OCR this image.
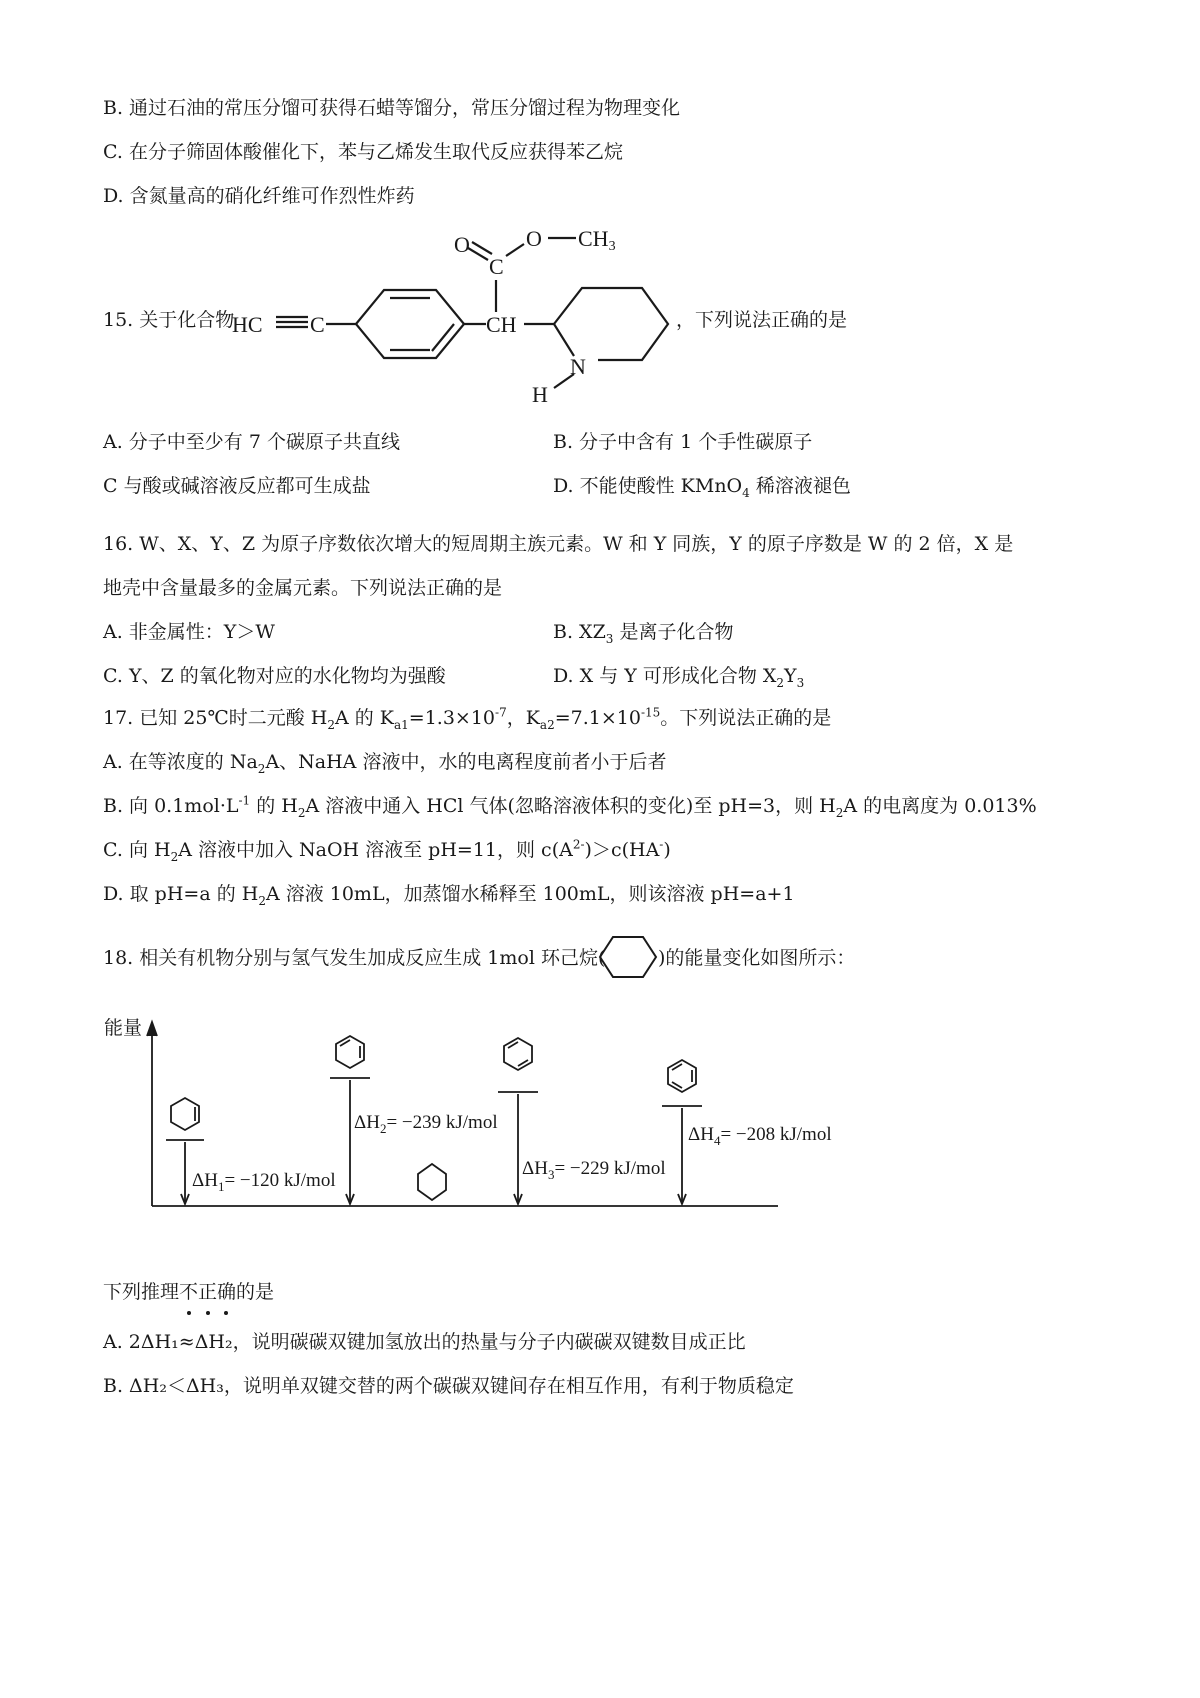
B. 通过石油的常压分馏可获得石蜡等馏分，常压分馏过程为物理变化
C. 在分子筛固体酸催化下，苯与乙烯发生取代反应获得苯乙烷
D. 含氮量高的硝化纤维可作烈性炸药
15. 关于化合物
O
C
O CH3
HC C	CH
N
H
，下列说法正确的是
A. 分子中至少有 7 个碳原子共直线	B. 分子中含有 1 个手性碳原子
C 与酸或碱溶液反应都可生成盐	D. 不能使酸性 KMnO$_4$ 稀溶液褪色
16. W、X、Y、Z 为原子序数依次增大的短周期主族元素。W 和 Y 同族，Y 的原子序数是 W 的 2 倍，X 是
地壳中含量最多的金属元素。下列说法正确的是
A. 非金属性：Y＞W	B. $XZ_3$ 是离子化合物
C. Y、Z 的氧化物对应的水化物均为强酸	D. X 与 Y 可形成化合物 $X_2Y_3$
17. 已知 25℃时二元酸 $H_2A$ 的 $K_{a1}=1.3\times 10^{-7}$，$K_{a2}=7.1\times 10^{-15}$。下列说法正确的是
A. 在等浓度的 $Na_2A$、NaHA 溶液中，水的电离程度前者小于后者
B. 向 $0.1mol\cdot L^{-1}$ 的 $H_2A$ 溶液中通入 HCl 气体(忽略溶液体积的变化)至 pH=3，则 $H_2A$ 的电离度为 0.013%
C. 向 $H_2A$ 溶液中加入 NaOH 溶液至 pH=11，则 $c(A^{2-})>c(HA^-)$
D. 取 pH=a 的 $H_2A$ 溶液 10mL，加蒸馏水稀释至 100mL，则该溶液 pH=a+1
18. 相关有机物分别与氢气发生加成反应生成 1mol 环己烷(	)的能量变化如图所示：
能量
$\Delta H_1= -120$ kJ/mol
$\Delta H_2= -239$ kJ/mol
$\Delta H_3= -229$ kJ/mol
$\Delta H_4= -208$ kJ/mol
下列推理不正确
的是
A. 2ΔH₁≈ΔH₂，说明碳碳双键加氢放出的热量与分子内碳碳双键数目成正比
B. ΔH₂＜ΔH₃，说明单双键交替的两个碳碳双键间存在相互作用，有利于物质稳定
